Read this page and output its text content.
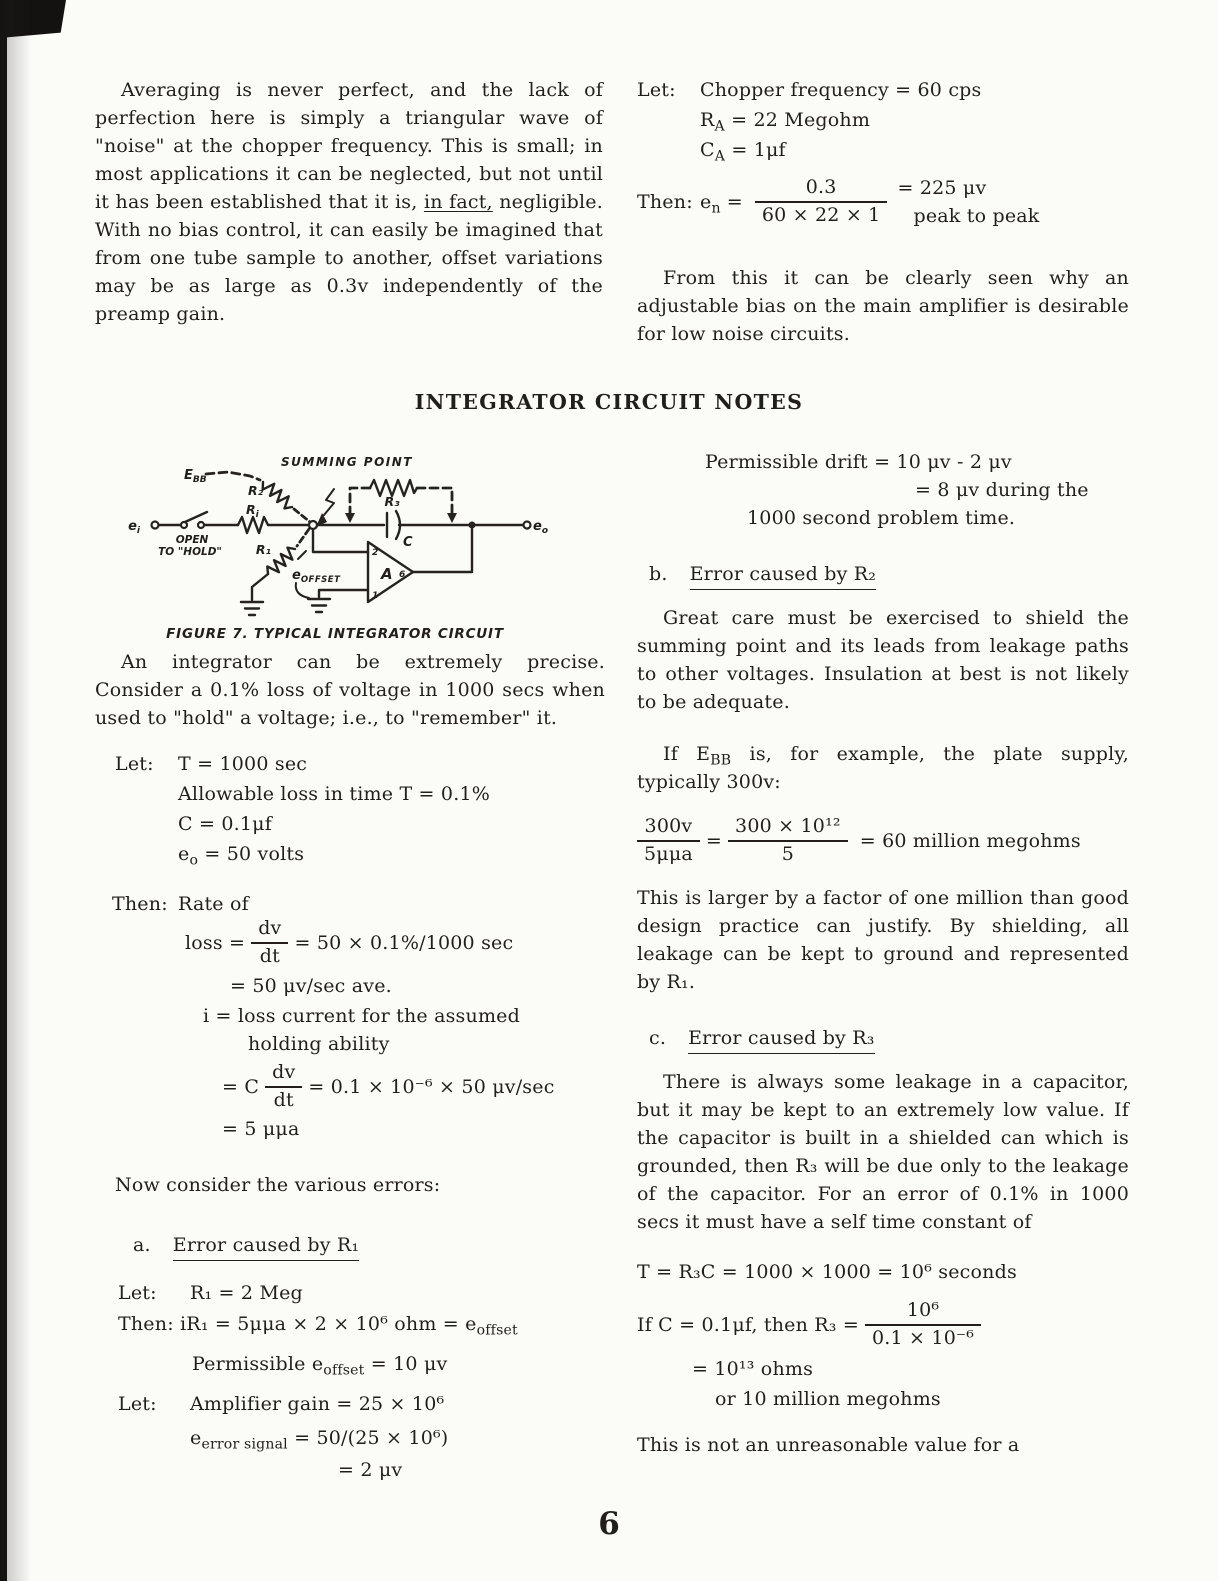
Averaging is never perfect, and the lack of perfection here is simply a triangular wave of "noise" at the chopper frequency. This is small; in most applications it can be neglected, but not until it has been established that it is, in fact, negligible. With no bias control, it can easily be imagined that from one tube sample to another, offset variations may be as large as 0.3v independently of the preamp gain.

Let:	Chopper frequency = 60 cps
$R_A = 22$ Megohm
$C_A = 1\mu f$
Then: $e_n = \frac{0.3}{60 \times 22 \times 1} = 225$ μv
peak to peak

From this it can be clearly seen why an adjustable bias on the main amplifier is desirable for low noise circuits.

INTEGRATOR CIRCUIT NOTES
$E_{BB}$
SUMMING POINT
R₂
$R_i$
R₁
R₃
$e_i$	$e_o$
OPEN
TO "HOLD"
C
$e_{OFFSET}$	A
2
1
6
FIGURE 7. TYPICAL INTEGRATOR CIRCUIT

An integrator can be extremely precise. Consider a 0.1% loss of voltage in 1000 secs when used to "hold" a voltage; i.e., to "remember" it.

Let:	T = 1000 sec
Allowable loss in time T = 0.1%
C = 0.1μf
$e_o = 50$ volts
Then: Rate of
loss = $\frac{dv}{dt} = 50 \times 0.1\%/1000$ sec
= 50 μv/sec ave.
i = loss current for the assumed
holding ability
= C $\frac{dv}{dt} = 0.1 \times 10^{-6} \times 50$ μv/sec
= 5 μμa
Now consider the various errors:
a. Error caused by R₁
Let:	R₁ = 2 Meg
Then: iR₁ = 5μμa × 2 × 10⁶ ohm = $e_{offset}$
Permissible $e_{offset} = 10$ μv
Let:	Amplifier gain = 25 × 10⁶
$e_{error signal} = 50/(25 \times 10^6)$
= 2 μv
Permissible drift = 10 μv - 2 μv
= 8 μv during the
1000 second problem time.
b. Error caused by R₂

Great care must be exercised to shield the summing point and its leads from leakage paths to other voltages. Insulation at best is not likely to be adequate.

If $E_{BB}$ is, for example, the plate supply, typically 300v:

$\frac{300v}{\text{5μμa}} = \frac{\text{300 × 10¹²}}{5} = 60$ million megohms

This is larger by a factor of one million than good design practice can justify. By shielding, all leakage can be kept to ground and represented by R₁.

c. Error caused by R₃

There is always some leakage in a capacitor, but it may be kept to an extremely low value. If the capacitor is built in a shielded can which is grounded, then R₃ will be due only to the leakage of the capacitor. For an error of 0.1% in 1000 secs it must have a self time constant of

T = R₃C = 1000 × 1000 = 10⁶ seconds
If C = 0.1μf, then $R_3 = \frac{\text{10⁶}}{\text{0.1 × 10⁻⁶}}$
= 10¹³ ohms
or 10 million megohms
This is not an unreasonable value for a
6
